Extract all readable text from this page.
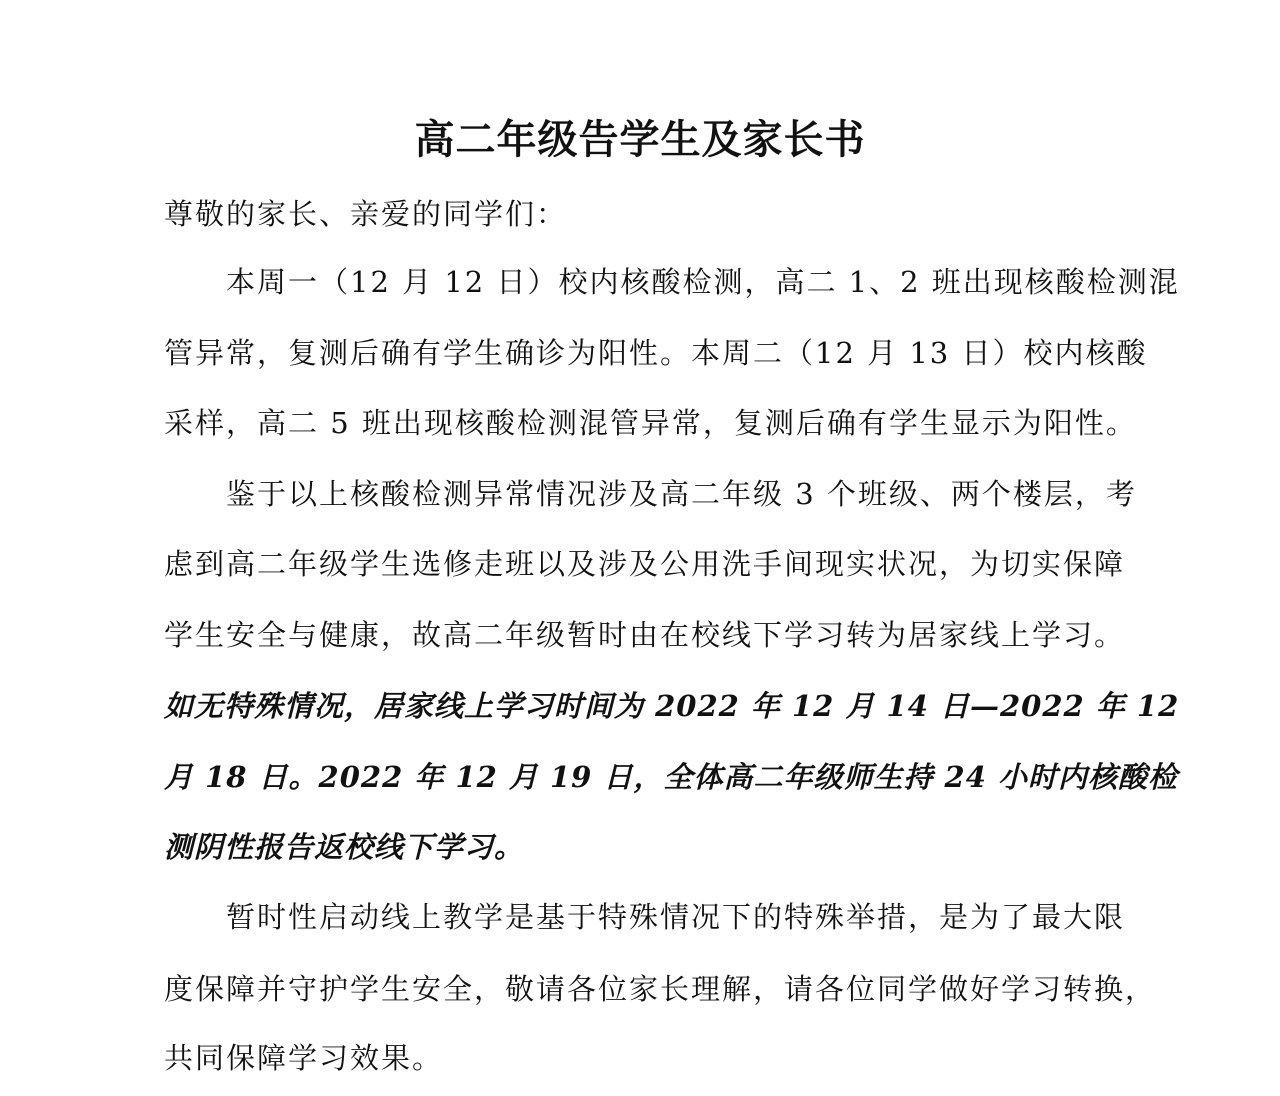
高二年级告学生及家长书
尊敬的家长、亲爱的同学们：
本周一（12 月 12 日）校内核酸检测，高二 1、2 班出现核酸检测混
管异常，复测后确有学生确诊为阳性。本周二（12 月 13 日）校内核酸
采样，高二 5 班出现核酸检测混管异常，复测后确有学生显示为阳性。
鉴于以上核酸检测异常情况涉及高二年级 3 个班级、两个楼层，考
虑到高二年级学生选修走班以及涉及公用洗手间现实状况，为切实保障
学生安全与健康，故高二年级暂时由在校线下学习转为居家线上学习。
如无特殊情况，居家线上学习时间为 2022 年 12 月 14 日—2022 年 12
月 18 日。2022 年 12 月 19 日，全体高二年级师生持 24 小时内核酸检
测阴性报告返校线下学习。
暂时性启动线上教学是基于特殊情况下的特殊举措，是为了最大限
度保障并守护学生安全，敬请各位家长理解，请各位同学做好学习转换，
共同保障学习效果。
